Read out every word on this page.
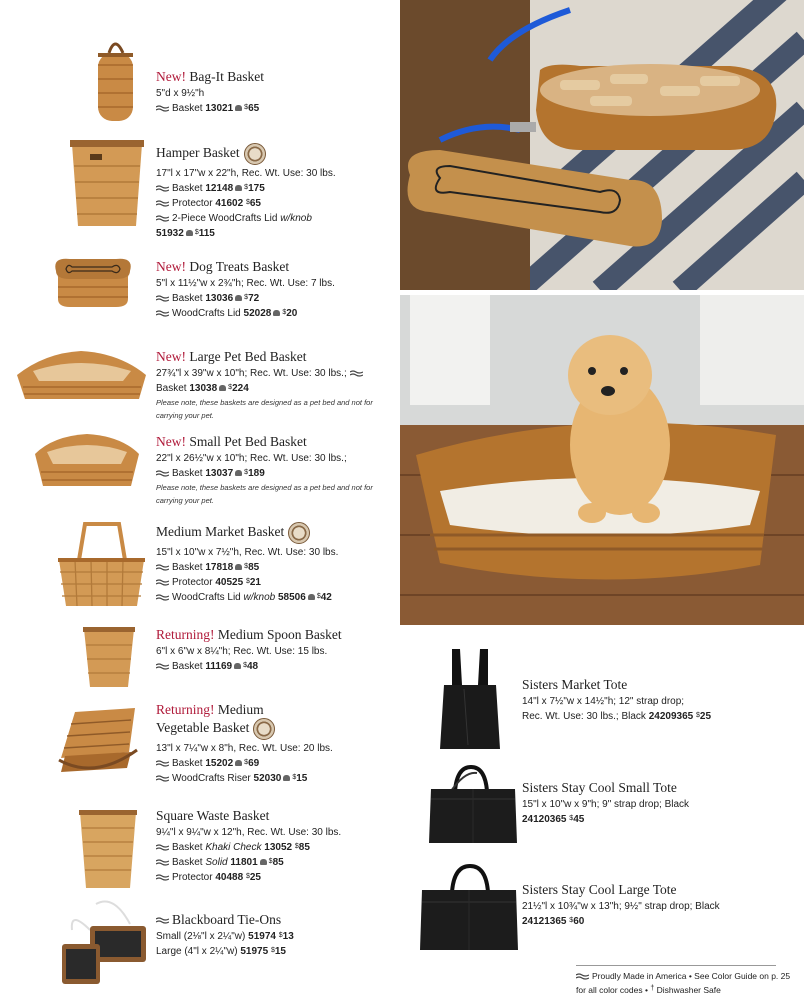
New! Bag-It Basket
5"d x 9½"h
Basket 13021 $65
Hamper Basket
17"l x 17"w x 22"h, Rec. Wt. Use: 30 lbs.
Basket 12148 $175
Protector 41602 $65
2-Piece WoodCrafts Lid w/knob
51932 $115
New! Dog Treats Basket
5"l x 11½"w x 2¾"h; Rec. Wt. Use: 7 lbs.
Basket 13036 $72
WoodCrafts Lid 52028 $20
New! Large Pet Bed Basket
27¾"l x 39"w x 10"h; Rec. Wt. Use: 30 lbs.;
Basket 13038 $224
Please note, these baskets are designed as a pet bed and not for carrying your pet.
New! Small Pet Bed Basket
22"l x 26½"w x 10"h; Rec. Wt. Use: 30 lbs.;
Basket 13037 $189
Please note, these baskets are designed as a pet bed and not for carrying your pet.
Medium Market Basket
15"l x 10"w x 7½"h, Rec. Wt. Use: 30 lbs.
Basket 17818 $85
Protector 40525 $21
WoodCrafts Lid w/knob 58506 $42
Returning! Medium Spoon Basket
6"l x 6"w x 8¼"h; Rec. Wt. Use: 15 lbs.
Basket 11169 $48
Returning! Medium
Vegetable Basket
13"l x 7¼"w x 8"h, Rec. Wt. Use: 20 lbs.
Basket 15202 $69
WoodCrafts Riser 52030 $15
Square Waste Basket
9¼"l x 9¼"w x 12"h, Rec. Wt. Use: 30 lbs.
Basket Khaki Check 13052 $85
Basket Solid 11801 $85
Protector 40488 $25
Blackboard Tie-Ons
Small (2⅛"l x 2¼"w) 51974 $13
Large (4"l x 2¼"w) 51975 $15
Sisters Market Tote
14"l x 7½"w x 14½"h; 12" strap drop;
Rec. Wt. Use: 30 lbs.; Black 24209365 $25
Sisters Stay Cool Small Tote
15"l x 10"w x 9"h; 9" strap drop; Black
24120365 $45
Sisters Stay Cool Large Tote
21½"l x 10¾"w x 13"h; 9½" strap drop; Black
24121365 $60
Proudly Made in America • See Color Guide on p. 25
for all color codes • † Dishwasher Safe
